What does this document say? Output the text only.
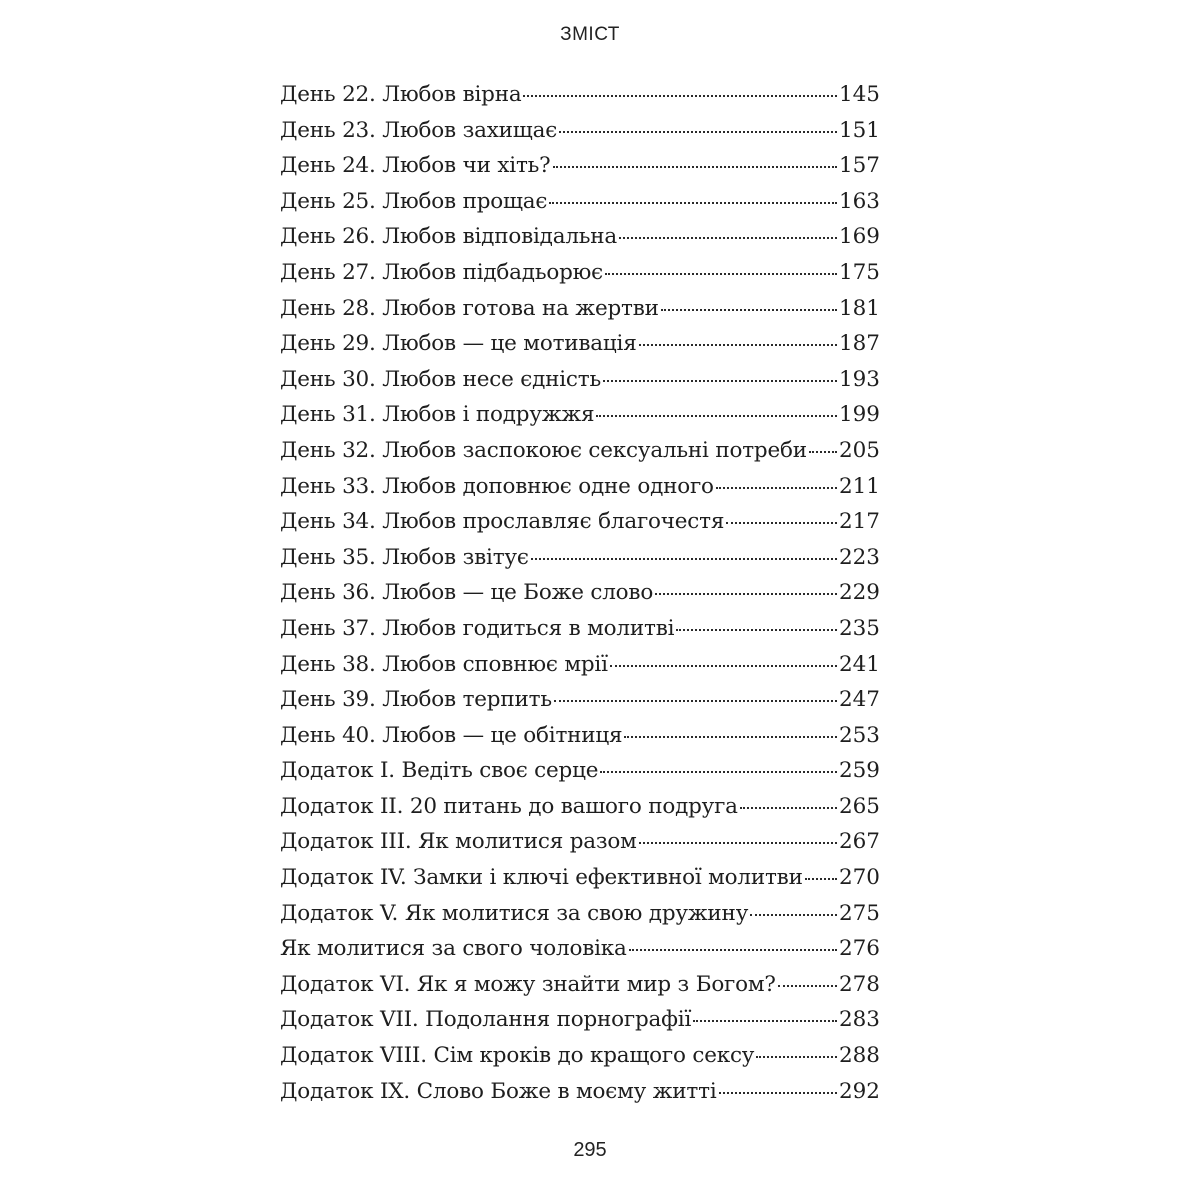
ЗМІСТ
День 22. Любов вірна	145
День 23. Любов захищає	151
День 24. Любов чи хіть?	157
День 25. Любов прощає	163
День 26. Любов відповідальна	169
День 27. Любов підбадьорює	175
День 28. Любов готова на жертви	181
День 29. Любов — це мотивація	187
День 30. Любов несе єдність	193
День 31. Любов і подружжя	199
День 32. Любов заспокоює сексуальні потреби 205
День 33. Любов доповнює одне одного	211
День 34. Любов прославляє благочестя	217
День 35. Любов звітує	223
День 36. Любов — це Боже слово	229
День 37. Любов годиться в молитві	235
День 38. Любов сповнює мрії	241
День 39. Любов терпить	247
День 40. Любов — це обітниця	253
Додаток І. Ведіть своє серце	259
Додаток ІІ. 20 питань до вашого подруга	265
Додаток ІІІ. Як молитися разом	267
Додаток IV. Замки і ключі ефективної молитви 270
Додаток V. Як молитися за свою дружину	275
Як молитися за свого чоловіка	276
Додаток VI. Як я можу знайти мир з Богом?	278
Додаток VII. Подолання порнографії	283
Додаток VIII. Сім кроків до кращого сексу	288
Додаток IX. Слово Боже в моєму житті	292
295
